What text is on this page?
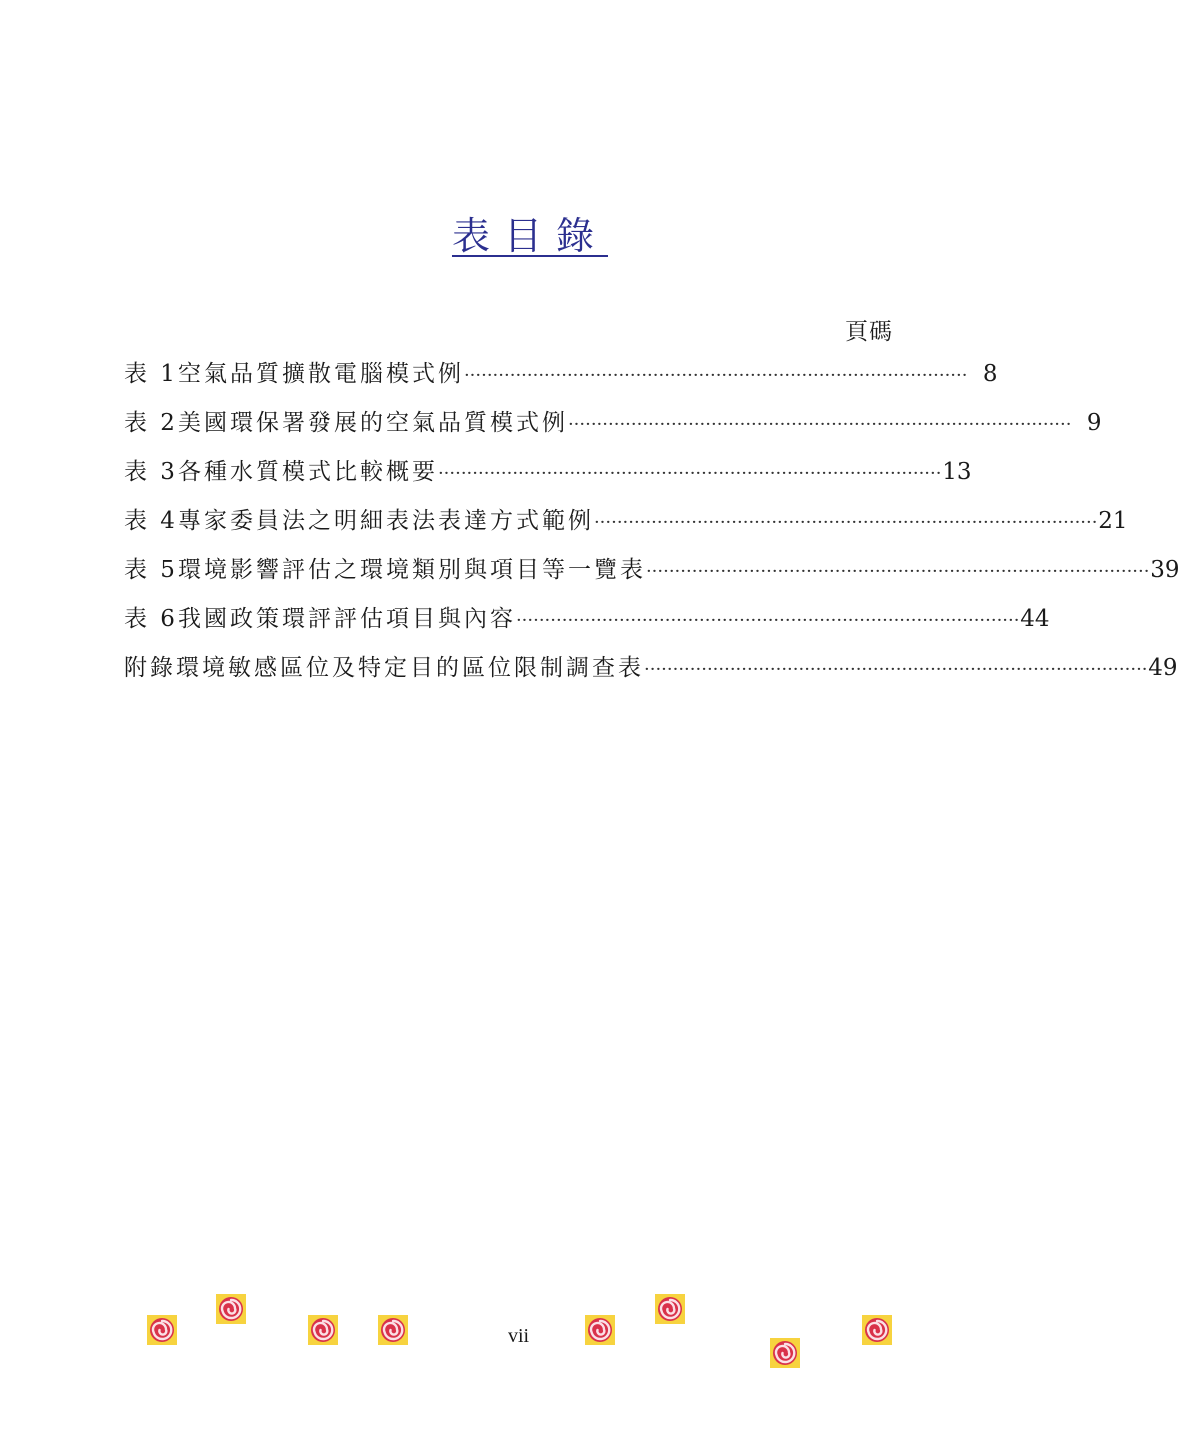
表目錄
頁碼
表 1 空氣品質擴散電腦模式例 ························································································ 8
表 2 美國環保署發展的空氣品質模式例 ························································································ 9
表 3 各種水質模式比較概要 ························································································ 13
表 4 專家委員法之明細表法表達方式範例 ························································································ 21
表 5 環境影響評估之環境類別與項目等一覽表 ························································································ 39
表 6 我國政策環評評估項目與內容 ························································································ 44
附錄 環境敏感區位及特定目的區位限制調查表 ························································································ 49
vii
